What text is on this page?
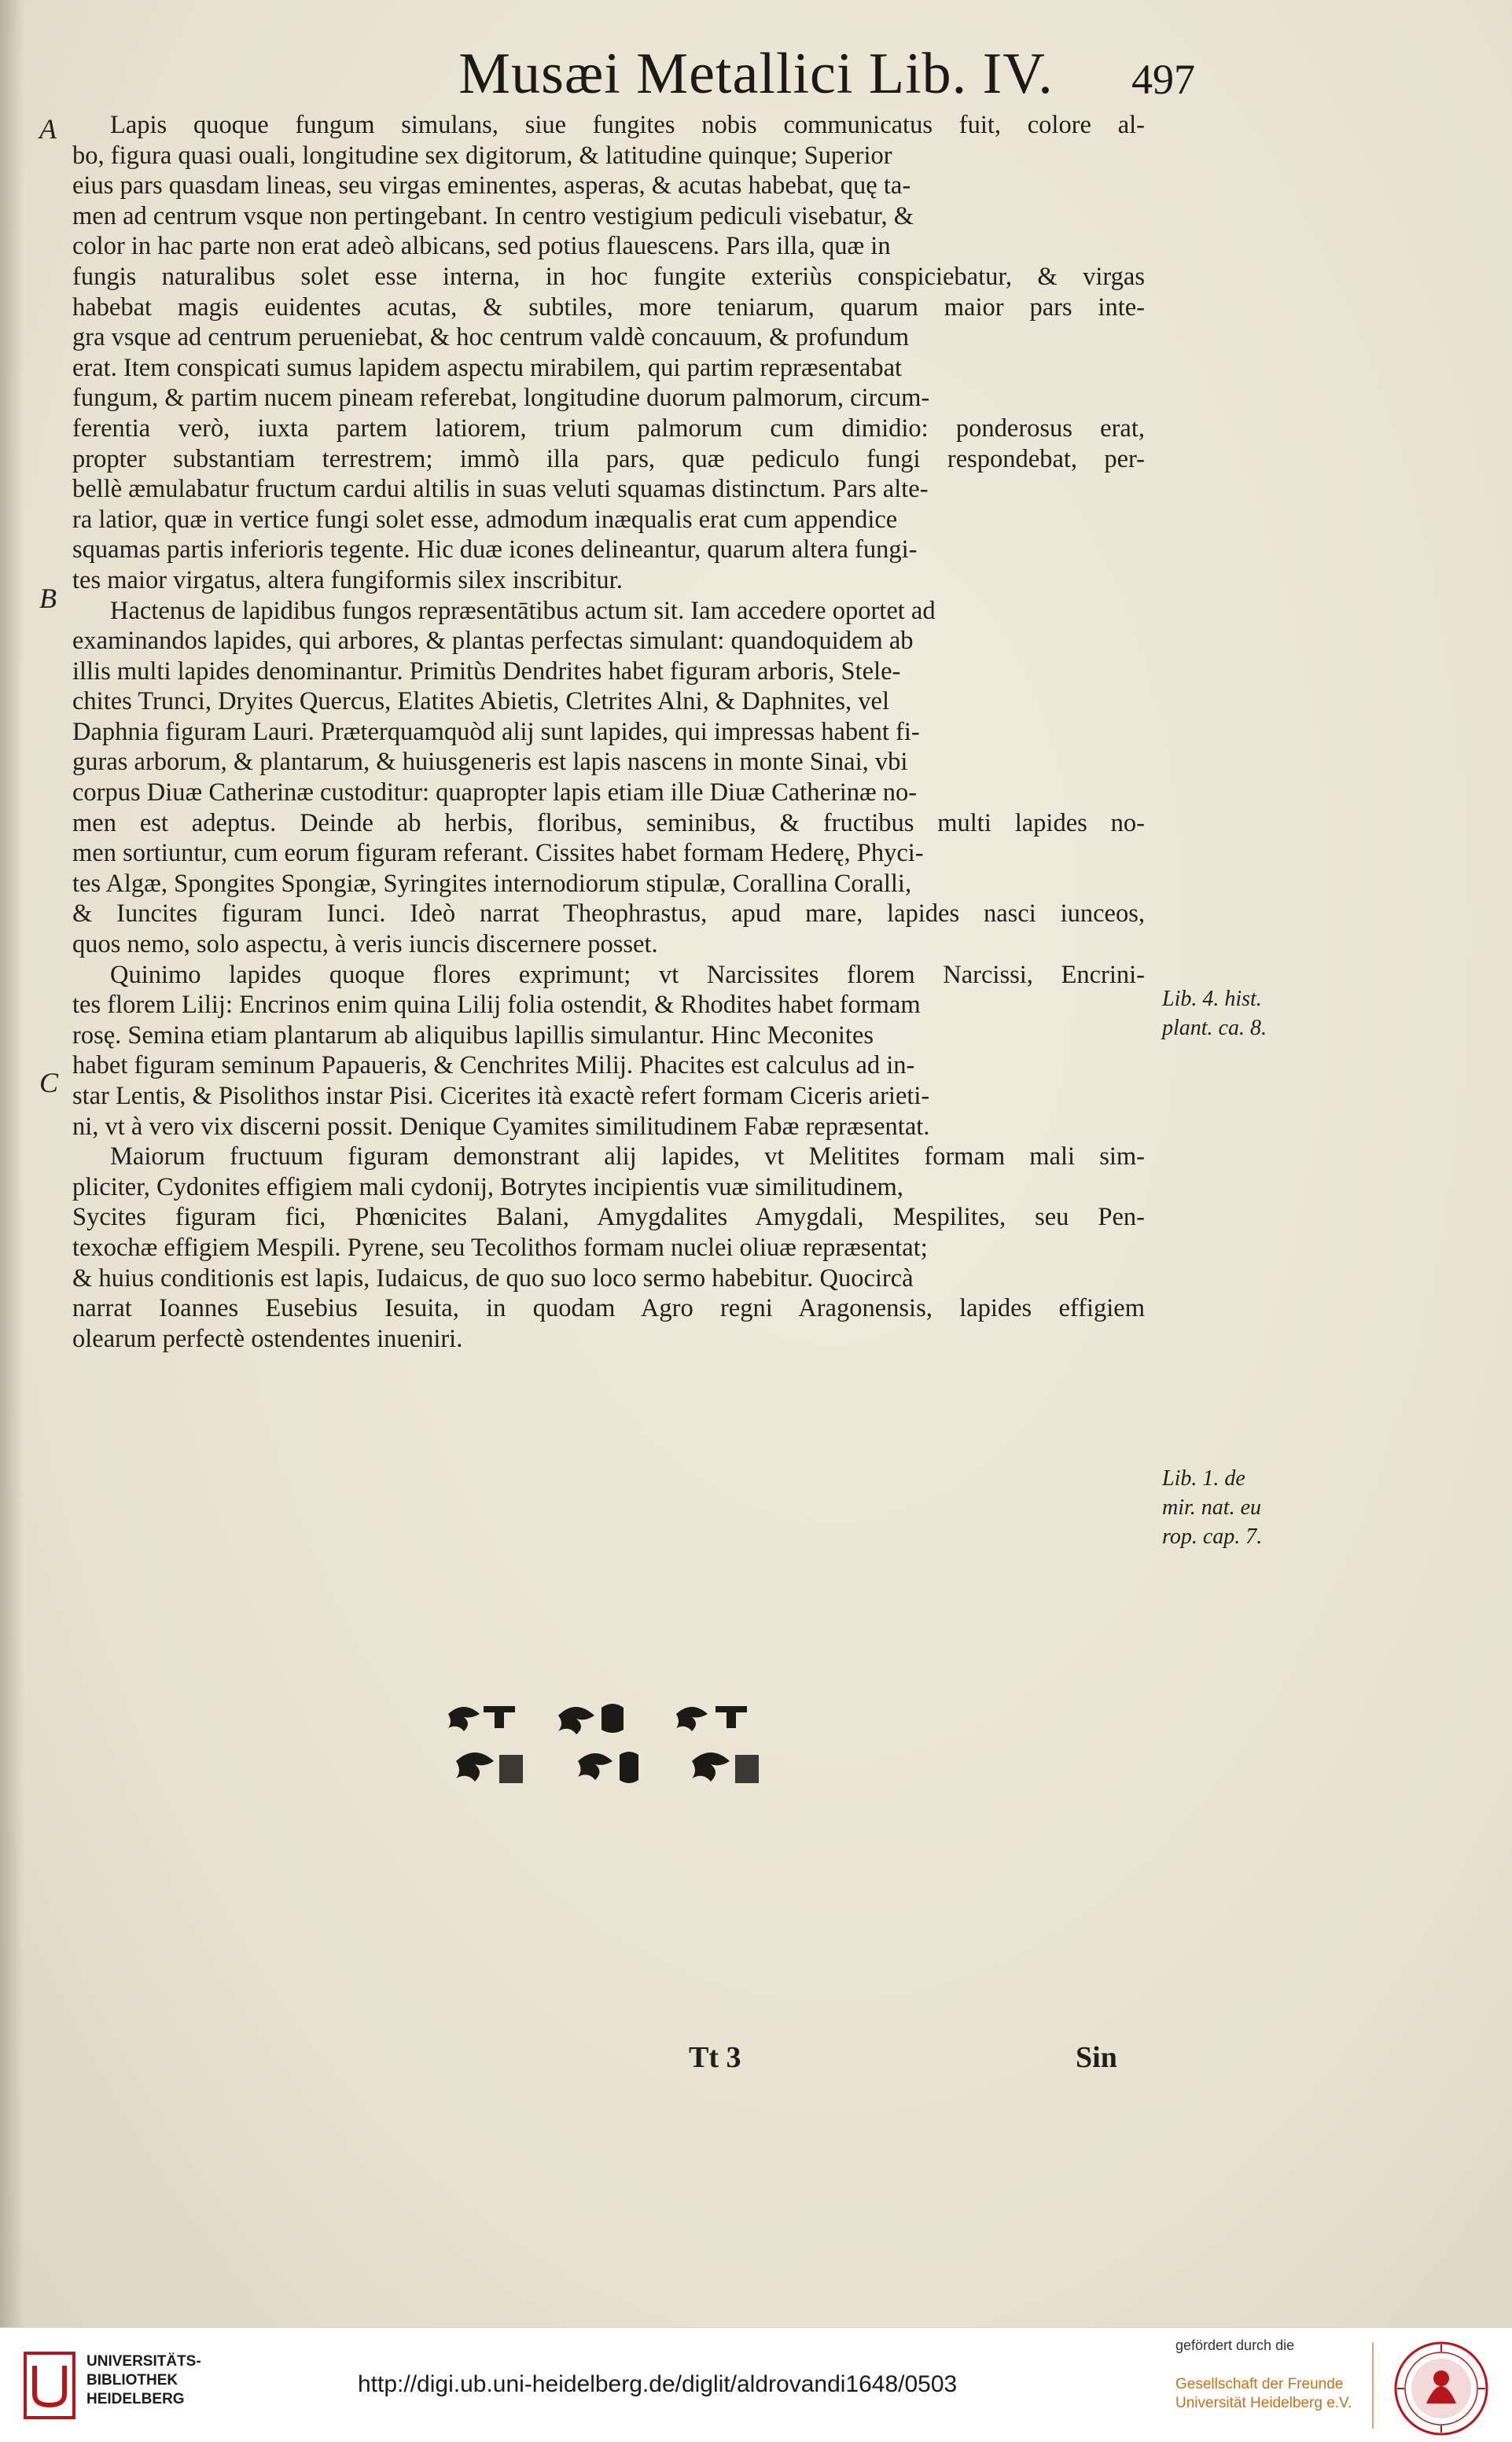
Musæi Metallici Lib. IV.	497
A
B
C
Lapis quoque fungum simulans, siue fungites nobis communicatus fuit, colore al-
bo, figura quasi ouali, longitudine sex digitorum, & latitudine quinque; Superior
eius pars quasdam lineas, seu virgas eminentes, asperas, & acutas habebat, quę ta-
men ad centrum vsque non pertingebant. In centro vestigium pediculi visebatur, &
color in hac parte non erat adeò albicans, sed potius flauescens. Pars illa, quæ in
fungis naturalibus solet esse interna, in hoc fungite exteriùs conspiciebatur, & virgas
habebat magis euidentes acutas, & subtiles, more teniarum, quarum maior pars inte-
gra vsque ad centrum perueniebat, & hoc centrum valdè concauum, & profundum
erat. Item conspicati sumus lapidem aspectu mirabilem, qui partim repræsentabat
fungum, & partim nucem pineam referebat, longitudine duorum palmorum, circum-
ferentia verò, iuxta partem latiorem, trium palmorum cum dimidio: ponderosus erat,
propter substantiam terrestrem; immò illa pars, quæ pediculo fungi respondebat, per-
bellè æmulabatur fructum cardui altilis in suas veluti squamas distinctum. Pars alte-
ra latior, quæ in vertice fungi solet esse, admodum inæqualis erat cum appendice
squamas partis inferioris tegente. Hic duæ icones delineantur, quarum altera fungi-
tes maior virgatus, altera fungiformis silex inscribitur.
Hactenus de lapidibus fungos repræsentātibus actum sit. Iam accedere oportet ad
examinandos lapides, qui arbores, & plantas perfectas simulant: quandoquidem ab
illis multi lapides denominantur. Primitùs Dendrites habet figuram arboris, Stele-
chites Trunci, Dryites Quercus, Elatites Abietis, Cletrites Alni, & Daphnites, vel
Daphnia figuram Lauri. Præterquamquòd alij sunt lapides, qui impressas habent fi-
guras arborum, & plantarum, & huiusgeneris est lapis nascens in monte Sinai, vbi
corpus Diuæ Catherinæ custoditur: quapropter lapis etiam ille Diuæ Catherinæ no-
men est adeptus. Deinde ab herbis, floribus, seminibus, & fructibus multi lapides no-
men sortiuntur, cum eorum figuram referant. Cissites habet formam Hederę, Phyci-
tes Algæ, Spongites Spongiæ, Syringites internodiorum stipulæ, Corallina Coralli,
& Iuncites figuram Iunci. Ideò narrat Theophrastus, apud mare, lapides nasci iunceos,
quos nemo, solo aspectu, à veris iuncis discernere posset.
Quinimo lapides quoque flores exprimunt; vt Narcissites florem Narcissi, Encrini-
tes florem Lilij: Encrinos enim quina Lilij folia ostendit, & Rhodites habet formam
rosę. Semina etiam plantarum ab aliquibus lapillis simulantur. Hinc Meconites
habet figuram seminum Papaueris, & Cenchrites Milij. Phacites est calculus ad in-
star Lentis, & Pisolithos instar Pisi. Cicerites ità exactè refert formam Ciceris arieti-
ni, vt à vero vix discerni possit. Denique Cyamites similitudinem Fabæ repræsentat.
Maiorum fructuum figuram demonstrant alij lapides, vt Melitites formam mali sim-
pliciter, Cydonites effigiem mali cydonij, Botrytes incipientis vuæ similitudinem,
Sycites figuram fici, Phœnicites Balani, Amygdalites Amygdali, Mespilites, seu Pen-
texochæ effigiem Mespili. Pyrene, seu Tecolithos formam nuclei oliuæ repræsentat;
& huius conditionis est lapis, Iudaicus, de quo suo loco sermo habebitur. Quocircà
narrat Ioannes Eusebius Iesuita, in quodam Agro regni Aragonensis, lapides effigiem
olearum perfectè ostendentes inueniri.
Lib. 4. hist.
plant. ca. 8.
Lib. 1. de
mir. nat. eu
rop. cap. 7.
Tt 3	Sin
UNIVERSITÄTS-
BIBLIOTHEK
HEIDELBERG
http://digi.ub.uni-heidelberg.de/diglit/aldrovandi1648/0503
gefördert durch die
Gesellschaft der Freunde
Universität Heidelberg e.V.
